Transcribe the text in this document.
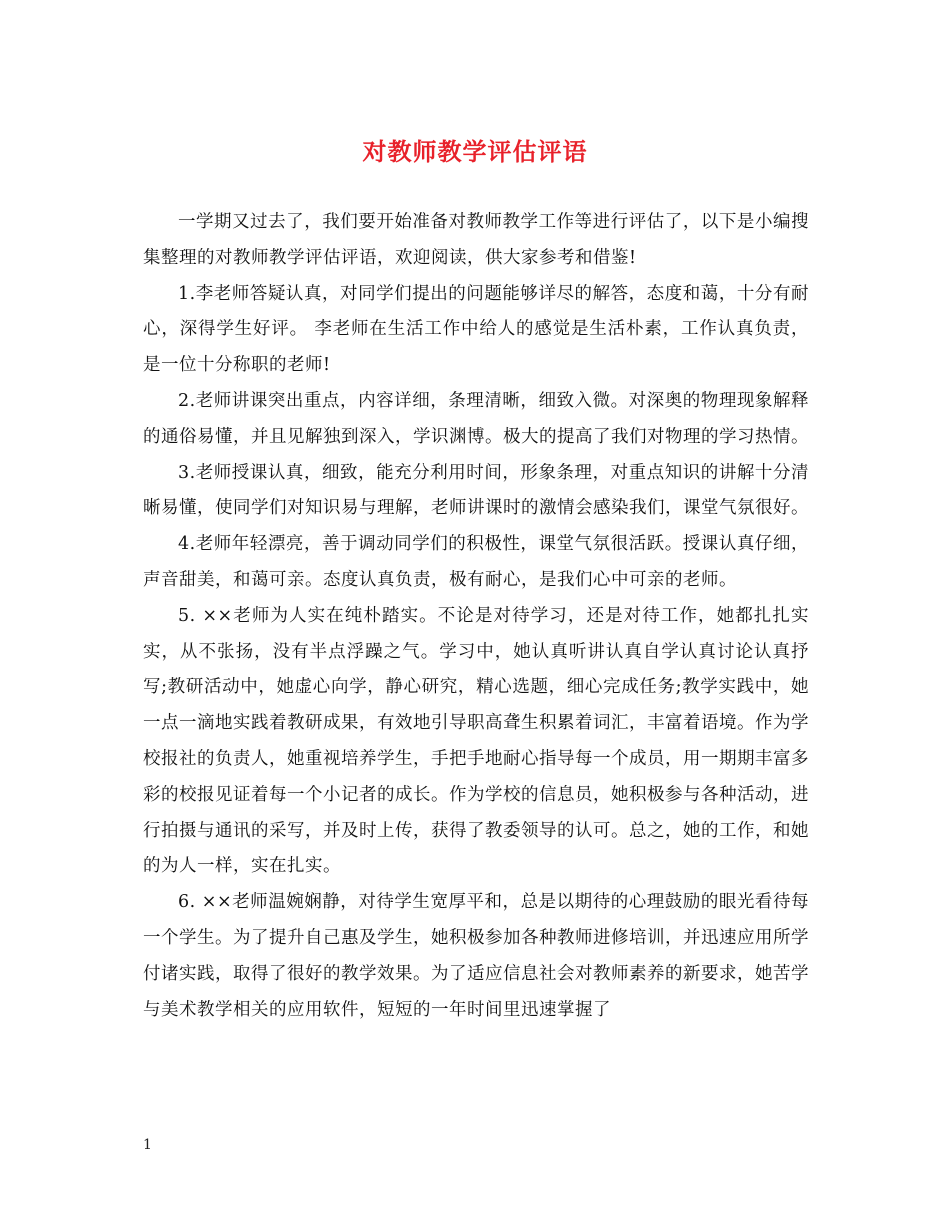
对教师教学评估评语

一学期又过去了，我们要开始准备对教师教学工作等进行评估了，以下是小编搜集整理的对教师教学评估评语，欢迎阅读，供大家参考和借鉴!

1.李老师答疑认真，对同学们提出的问题能够详尽的解答，态度和蔼，十分有耐心，深得学生好评。 李老师在生活工作中给人的感觉是生活朴素，工作认真负责，是一位十分称职的老师!

2.老师讲课突出重点，内容详细，条理清晰，细致入微。对深奥的物理现象解释的通俗易懂，并且见解独到深入，学识渊博。极大的提高了我们对物理的学习热情。

3.老师授课认真，细致，能充分利用时间，形象条理，对重点知识的讲解十分清晰易懂，使同学们对知识易与理解，老师讲课时的激情会感染我们，课堂气氛很好。

4.老师年轻漂亮，善于调动同学们的积极性，课堂气氛很活跃。授课认真仔细，声音甜美，和蔼可亲。态度认真负责，极有耐心，是我们心中可亲的老师。

5. ××老师为人实在纯朴踏实。不论是对待学习，还是对待工作，她都扎扎实实，从不张扬，没有半点浮躁之气。学习中，她认真听讲认真自学认真讨论认真抒写;教研活动中，她虚心向学，静心研究，精心选题，细心完成任务;教学实践中，她一点一滴地实践着教研成果，有效地引导职高聋生积累着词汇，丰富着语境。作为学校报社的负责人，她重视培养学生，手把手地耐心指导每一个成员，用一期期丰富多彩的校报见证着每一个小记者的成长。作为学校的信息员，她积极参与各种活动，进行拍摄与通讯的采写，并及时上传，获得了教委领导的认可。总之，她的工作，和她的为人一样，实在扎实。

6. ××老师温婉娴静，对待学生宽厚平和，总是以期待的心理鼓励的眼光看待每一个学生。为了提升自己惠及学生，她积极参加各种教师进修培训，并迅速应用所学付诸实践，取得了很好的教学效果。为了适应信息社会对教师素养的新要求，她苦学与美术教学相关的应用软件，短短的一年时间里迅速掌握了

1
